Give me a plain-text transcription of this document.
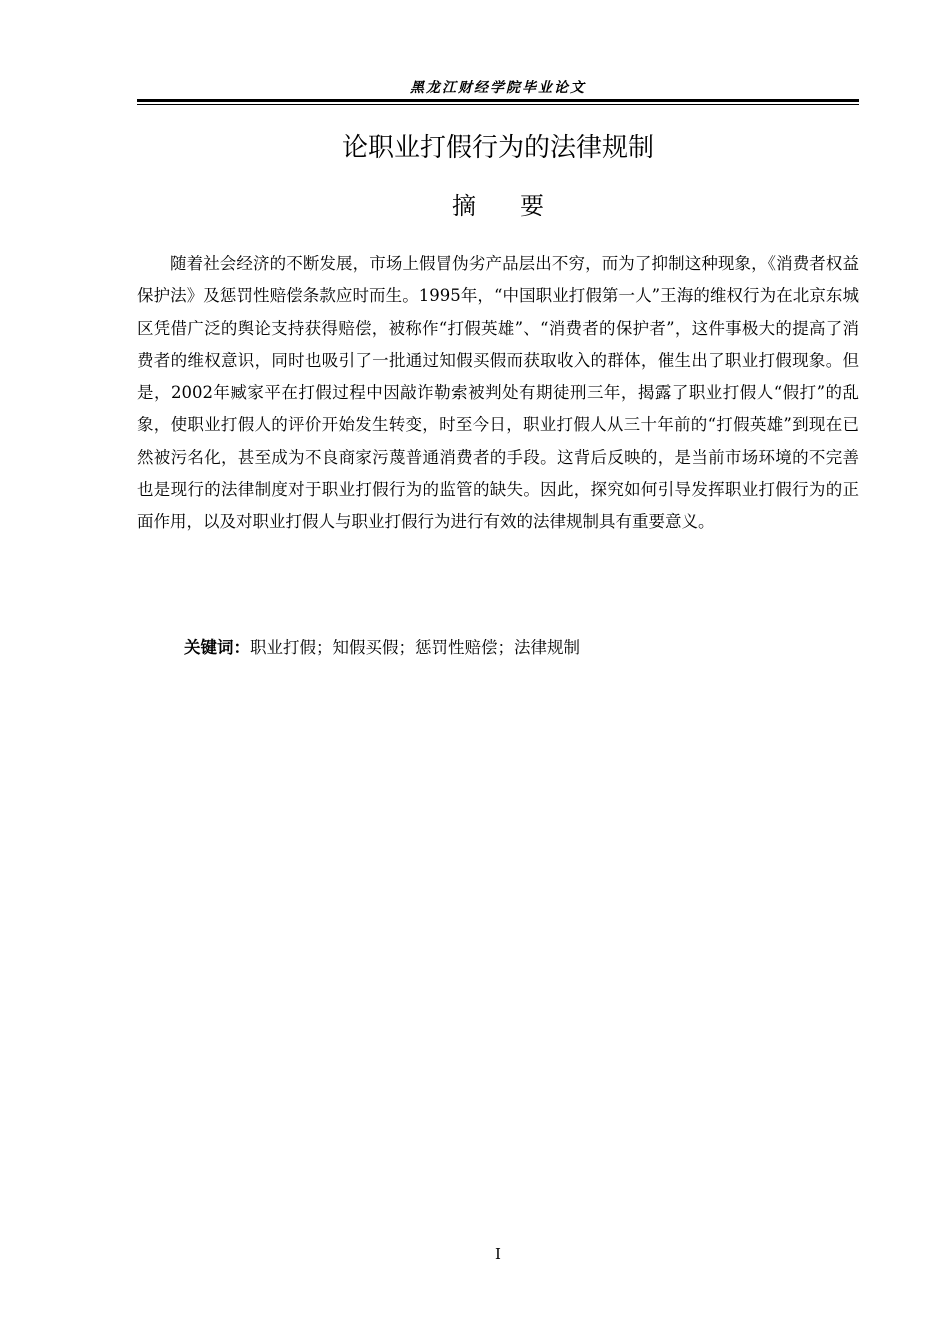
黑龙江财经学院毕业论文
论职业打假行为的法律规制
摘要

随着社会经济的不断发展，市场上假冒伪劣产品层出不穷，而为了抑制这种现象，《消费者权益保护法》及惩罚性赔偿条款应时而生。1995年，“中国职业打假第一人”王海的维权行为在北京东城区凭借广泛的舆论支持获得赔偿，被称作“打假英雄”、“消费者的保护者”，这件事极大的提高了消费者的维权意识，同时也吸引了一批通过知假买假而获取收入的群体，催生出了职业打假现象。但是，2002年臧家平在打假过程中因敲诈勒索被判处有期徒刑三年，揭露了职业打假人“假打”的乱象，使职业打假人的评价开始发生转变，时至今日，职业打假人从三十年前的“打假英雄”到现在已然被污名化，甚至成为不良商家污蔑普通消费者的手段。这背后反映的，是当前市场环境的不完善也是现行的法律制度对于职业打假行为的监管的缺失。因此，探究如何引导发挥职业打假行为的正面作用，以及对职业打假人与职业打假行为进行有效的法律规制具有重要意义。

关键词：职业打假；知假买假；惩罚性赔偿；法律规制
I
